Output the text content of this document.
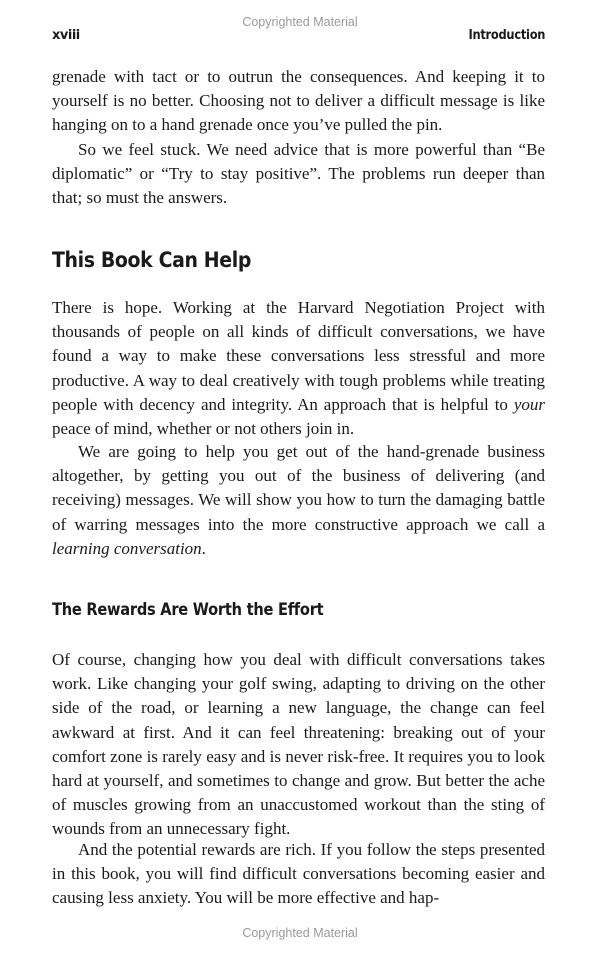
Copyrighted Material
xviii	Introduction

grenade with tact or to outrun the consequences. And keeping it to yourself is no better. Choosing not to deliver a difficult message is like hanging on to a hand grenade once you’ve pulled the pin.

So we feel stuck. We need advice that is more powerful than “Be diplomatic” or “Try to stay positive”. The problems run deeper than that; so must the answers.

This Book Can Help

There is hope. Working at the Harvard Negotiation Project with thousands of people on all kinds of difficult conversations, we have found a way to make these conversations less stressful and more productive. A way to deal creatively with tough problems while treating people with decency and integrity. An approach that is helpful to your peace of mind, whether or not others join in.

We are going to help you get out of the hand-grenade business altogether, by getting you out of the business of delivering (and receiving) messages. We will show you how to turn the damaging battle of warring messages into the more constructive approach we call a learning conversation.

The Rewards Are Worth the Effort

Of course, changing how you deal with difficult conversations takes work. Like changing your golf swing, adapting to driving on the other side of the road, or learning a new language, the change can feel awkward at first. And it can feel threatening: breaking out of your comfort zone is rarely easy and is never risk-free. It requires you to look hard at yourself, and sometimes to change and grow. But better the ache of muscles growing from an unaccustomed workout than the sting of wounds from an unnecessary fight.

And the potential rewards are rich. If you follow the steps presented in this book, you will find difficult conversations becoming easier and causing less anxiety. You will be more effective and hap-

Copyrighted Material
